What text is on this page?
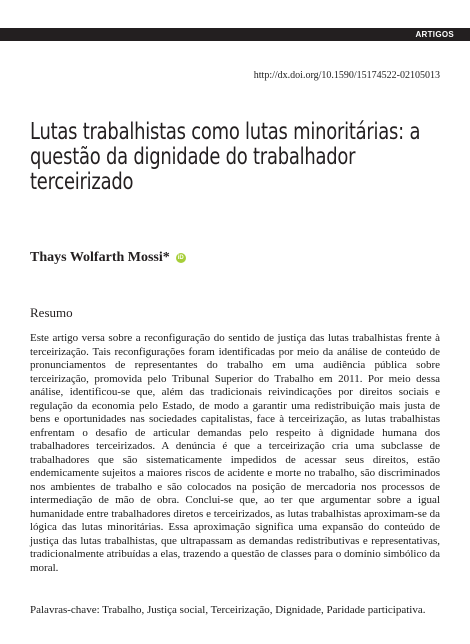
ARTIGOS
http://dx.doi.org/10.1590/15174522-02105013
Lutas trabalhistas como lutas minoritárias: a questão da dignidade do trabalhador terceirizado
Thays Wolfarth Mossi*	iD
Resumo

Este artigo versa sobre a reconfiguração do sentido de justiça das lutas trabalhistas frente à terceirização. Tais reconfigurações foram identificadas por meio da análise de conteúdo de pronunciamentos de representantes do trabalho em uma audiência pública sobre terceirização, promovida pelo Tribunal Superior do Trabalho em 2011. Por meio dessa análise, identificou-se que, além das tradicionais reivindicações por direitos sociais e regulação da economia pelo Estado, de modo a garantir uma redistribuição mais justa de bens e oportunidades nas sociedades capitalistas, face à terceirização, as lutas trabalhistas enfrentam o desafio de articular demandas pelo respeito à dignidade humana dos trabalhadores terceirizados. A denúncia é que a terceirização cria uma subclasse de trabalhadores que são sistematicamente impedidos de acessar seus direitos, estão endemicamente sujeitos a maiores riscos de acidente e morte no trabalho, são discriminados nos ambientes de trabalho e são colocados na posição de mercadoria nos processos de intermediação de mão de obra. Conclui-se que, ao ter que argumentar sobre a igual humanidade entre trabalhadores diretos e terceirizados, as lutas trabalhistas aproximam-se da lógica das lutas minoritárias. Essa aproximação significa uma expansão do conteúdo de justiça das lutas trabalhistas, que ultrapassam as demandas redistributivas e representativas, tradicionalmente atribuídas a elas, trazendo a questão de classes para o domínio simbólico da moral.

Palavras-chave: Trabalho, Justiça social, Terceirização, Dignidade, Paridade participativa.
